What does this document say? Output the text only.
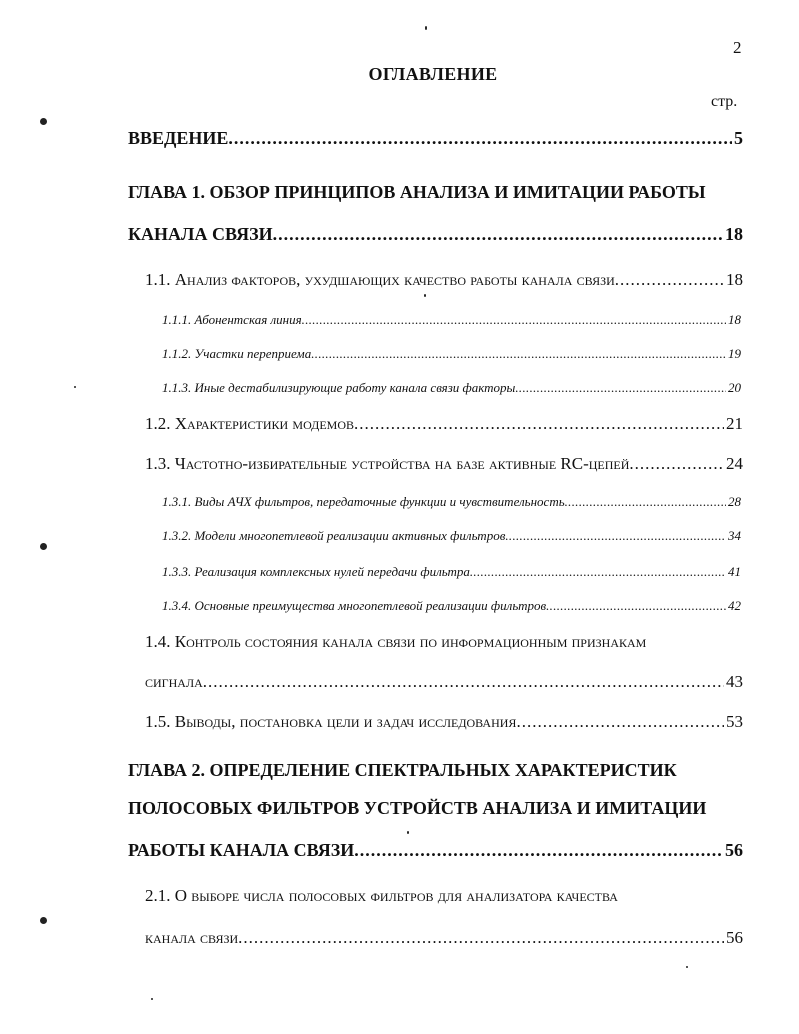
2
ОГЛАВЛЕНИЕ
стр.
ВВЕДЕНИЕ .....	5
ГЛАВА 1. ОБЗОР ПРИНЦИПОВ АНАЛИЗА И ИМИТАЦИИ РАБОТЫ
КАНАЛА СВЯЗИ .....	18
1.1. Анализ факторов, ухудшающих качество работы канала связи .....	18
1.1.1. Абонентская линия .....	18
1.1.2. Участки переприема .....	19
1.1.3. Иные дестабилизирующие работу канала связи факторы .....	20
1.2. Характеристики модемов .....	21
1.3. Частотно-избирательные устройства на базе активные RC-цепей .....	24
1.3.1. Виды АЧХ фильтров, передаточные функции и чувствительность .....	28
1.3.2. Модели многопетлевой реализации активных фильтров .....	34
1.3.3. Реализация комплексных нулей передачи фильтра .....	41
1.3.4. Основные преимущества многопетлевой реализации фильтров .....	42
1.4. Контроль состояния канала связи по информационным признакам
сигнала .....	43
1.5. Выводы, постановка цели и задач исследования .....	53
ГЛАВА 2. ОПРЕДЕЛЕНИЕ СПЕКТРАЛЬНЫХ ХАРАКТЕРИСТИК
ПОЛОСОВЫХ ФИЛЬТРОВ УСТРОЙСТВ АНАЛИЗА И ИМИТАЦИИ
РАБОТЫ КАНАЛА СВЯЗИ .....	56
2.1. О выборе числа полосовых фильтров для анализатора качества
канала связи .....	56
